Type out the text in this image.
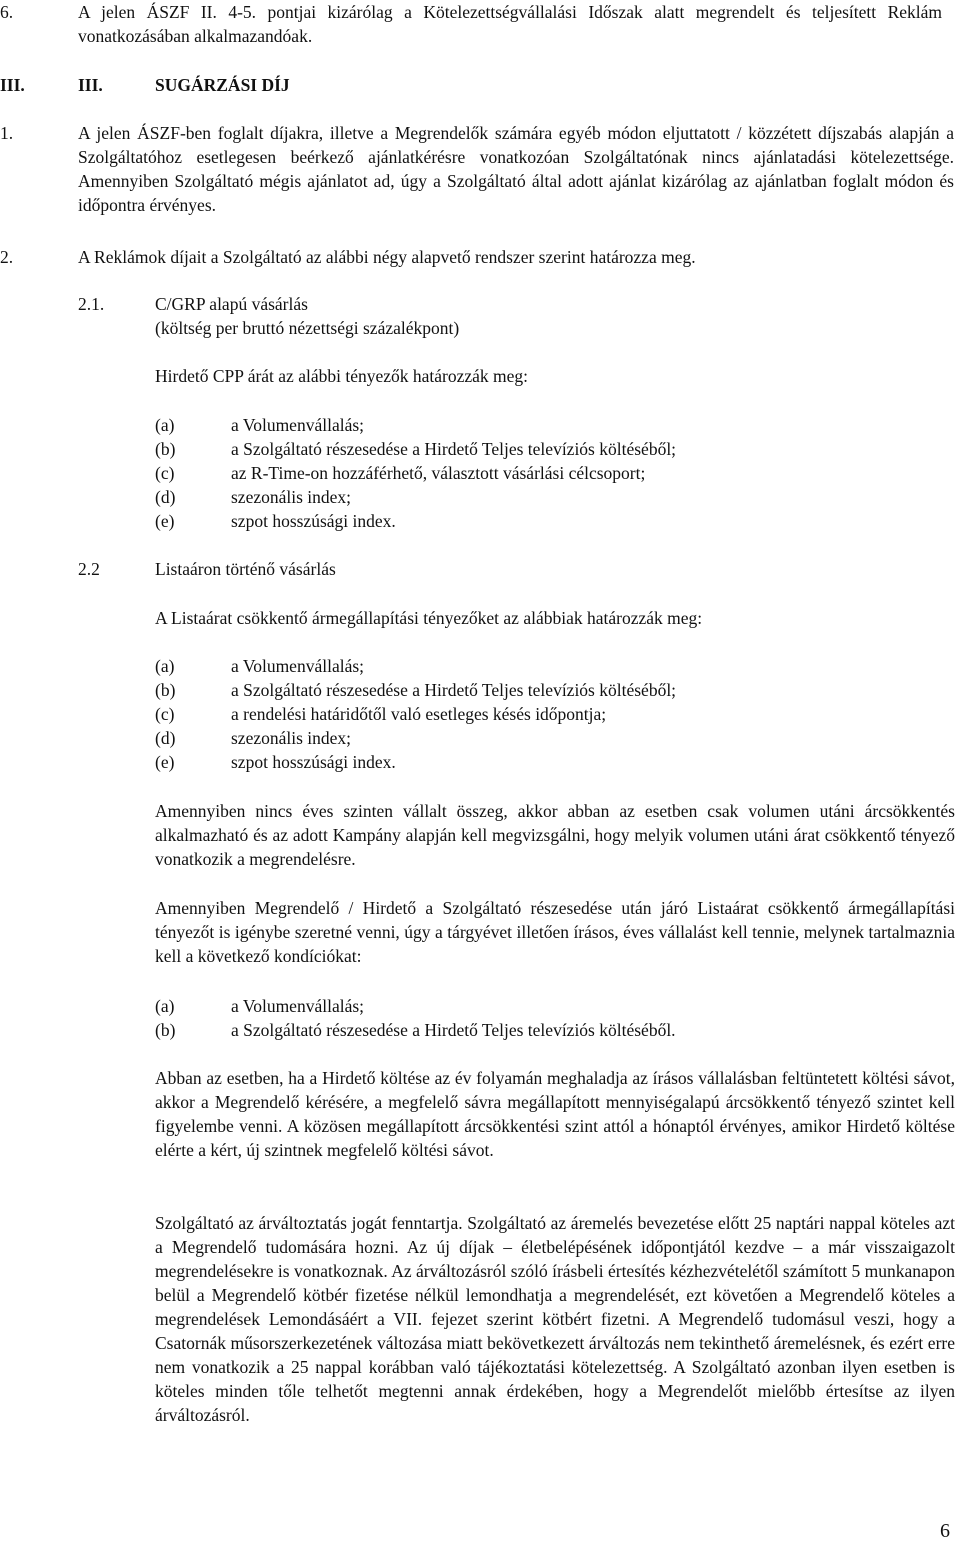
6.	A jelen ÁSZF II. 4-5. pontjai kizárólag a Kötelezettségvállalási Időszak alatt megrendelt és teljesített Reklám vonatkozásában alkalmazandóak.
III.	III.	SUGÁRZÁSI DÍJ
1.	A jelen ÁSZF-ben foglalt díjakra, illetve a Megrendelők számára egyéb módon eljuttatott / közzétett díjszabás alapján a Szolgáltatóhoz esetlegesen beérkező ajánlatkérésre vonatkozóan Szolgáltatónak nincs ajánlatadási kötelezettsége. Amennyiben Szolgáltató mégis ajánlatot ad, úgy a Szolgáltató által adott ajánlat kizárólag az ajánlatban foglalt módon és időpontra érvényes.
2.	A Reklámok díjait a Szolgáltató az alábbi négy alapvető rendszer szerint határozza meg.
2.1.	C/GRP alapú vásárlás
(költség per bruttó nézettségi százalékpont)
Hirdető CPP árát az alábbi tényezők határozzák meg:
(a)	a Volumenvállalás;
(b)	a Szolgáltató részesedése a Hirdető Teljes televíziós költéséből;
(c)	az R-Time-on hozzáférhető, választott vásárlási célcsoport;
(d)	szezonális index;
(e)	szpot hosszúsági index.
2.2	Listaáron történő vásárlás
A Listaárat csökkentő ármegállapítási tényezőket az alábbiak határozzák meg:
(a)	a Volumenvállalás;
(b)	a Szolgáltató részesedése a Hirdető Teljes televíziós költéséből;
(c)	a rendelési határidőtől való esetleges késés időpontja;
(d)	szezonális index;
(e)	szpot hosszúsági index.
Amennyiben nincs éves szinten vállalt összeg, akkor abban az esetben csak volumen utáni árcsökkentés alkalmazható és az adott Kampány alapján kell megvizsgálni, hogy melyik volumen utáni árat csökkentő tényező vonatkozik a megrendelésre.
Amennyiben Megrendelő / Hirdető a Szolgáltató részesedése után járó Listaárat csökkentő ármegállapítási tényezőt is igénybe szeretné venni, úgy a tárgyévet illetően írásos, éves vállalást kell tennie, melynek tartalmaznia kell a következő kondíciókat:
(a)	a Volumenvállalás;
(b)	a Szolgáltató részesedése a Hirdető Teljes televíziós költéséből.
Abban az esetben, ha a Hirdető költése az év folyamán meghaladja az írásos vállalásban feltüntetett költési sávot, akkor a Megrendelő kérésére, a megfelelő sávra megállapított mennyiségalapú árcsökkentő tényező szintet kell figyelembe venni. A közösen megállapított árcsökkentési szint attól a hónaptól érvényes, amikor Hirdető költése elérte a kért, új szintnek megfelelő költési sávot.
Szolgáltató az árváltoztatás jogát fenntartja. Szolgáltató az áremelés bevezetése előtt 25 naptári nappal köteles azt a Megrendelő tudomására hozni. Az új díjak – életbelépésének időpontjától kezdve – a már visszaigazolt megrendelésekre is vonatkoznak. Az árváltozásról szóló írásbeli értesítés kézhezvételétől számított 5 munkanapon belül a Megrendelő kötbér fizetése nélkül lemondhatja a megrendelését, ezt követően a Megrendelő köteles a megrendelések Lemondásáért a VII. fejezet szerint kötbért fizetni. A Megrendelő tudomásul veszi, hogy a Csatornák műsorszerkezetének változása miatt bekövetkezett árváltozás nem tekinthető áremelésnek, és ezért erre nem vonatkozik a 25 nappal korábban való tájékoztatási kötelezettség. A Szolgáltató azonban ilyen esetben is köteles minden tőle telhetőt megtenni annak érdekében, hogy a Megrendelőt mielőbb értesítse az ilyen árváltozásról.
6
